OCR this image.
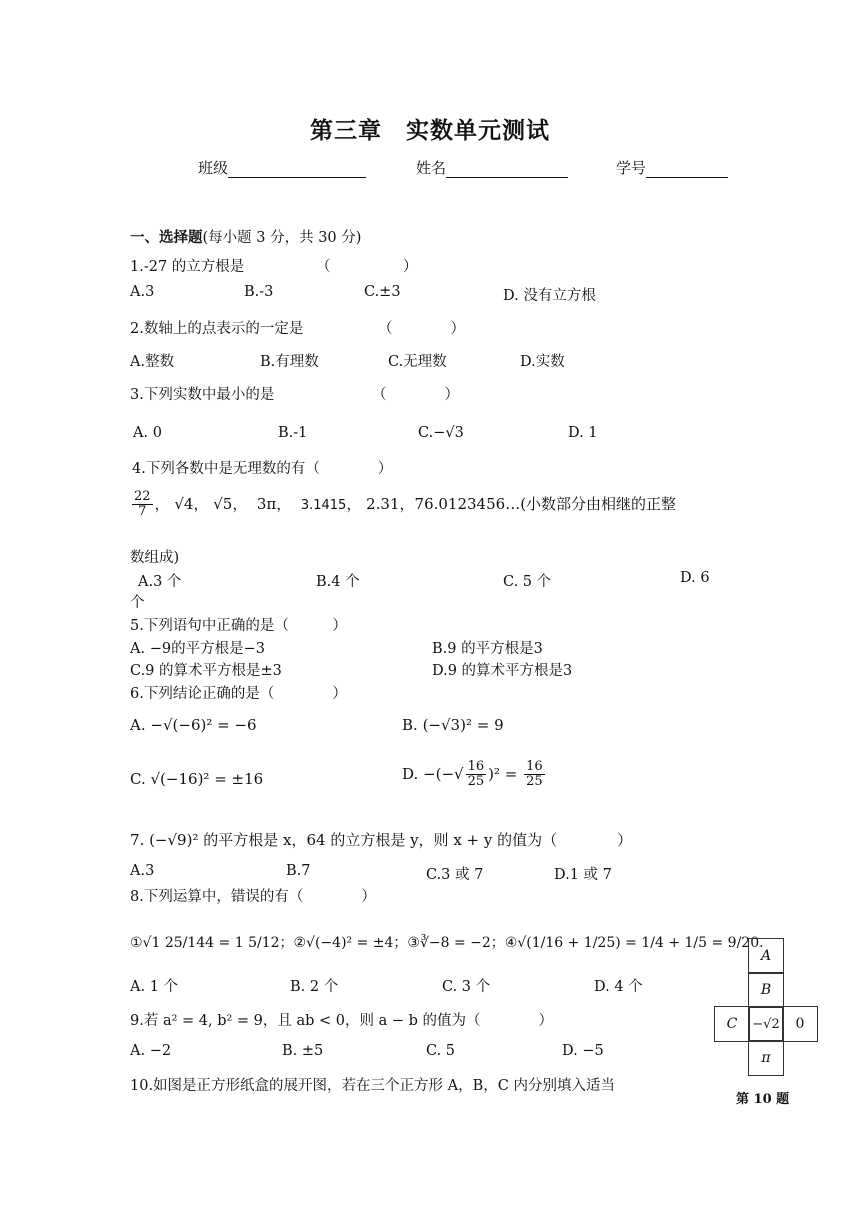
第三章　实数单元测试
班级	姓名	学号
一、选择题(每小题 3 分，共 30 分)
1.-27 的立方根是	（　　　　　）
A.3	B.-3	C.±3	D. 没有立方根
2.数轴上的点表示的一定是	（　　　　）
A.整数	B.有理数	C.无理数	D.实数
3.下列实数中最小的是	（　　　　）
A. 0	B.-1	C.−√3	D. 1
4.下列各数中是无理数的有（　　　　）
$\frac{22}{7}$ ， √4， √5，  3π，  3.1415， 2.31，76.0123456…(小数部分由相继的正整
数组成)
A.3 个	B.4 个	C. 5 个	D. 6
个
5.下列语句中正确的是（　　　）
A. −9的平方根是−3	B.9 的平方根是3
C.9 的算术平方根是±3	D.9 的算术平方根是3
6.下列结论正确的是（　　　　）
A. −√(−6)² = −6	B. (−√3)² = 9
C. √(−16)² = ±16	D. −(−√ $\frac{16}{25} )^2 = \frac{16}{25}$
7. (−√9)² 的平方根是 x，64 的立方根是 y，则 x + y 的值为（　　　　）
A.3	B.7	C.3 或 7	D.1 或 7
8.下列运算中，错误的有（　　　　）
①√1 25/144 = 1 5/12；②√(−4)² = ±4；③∛−8 = −2；④√(1/16 + 1/25) = 1/4 + 1/5 = 9/20.
A. 1 个	B. 2 个	C. 3 个	D. 4 个
9.若 a² = 4, b² = 9，且 ab < 0，则 a − b 的值为（　　　　）
A. −2	B. ±5	C. 5	D. −5
10.如图是正方形纸盒的展开图，若在三个正方形 A，B，C 内分别填入适当
A
B
C	−√2	0
π
第 10 题
